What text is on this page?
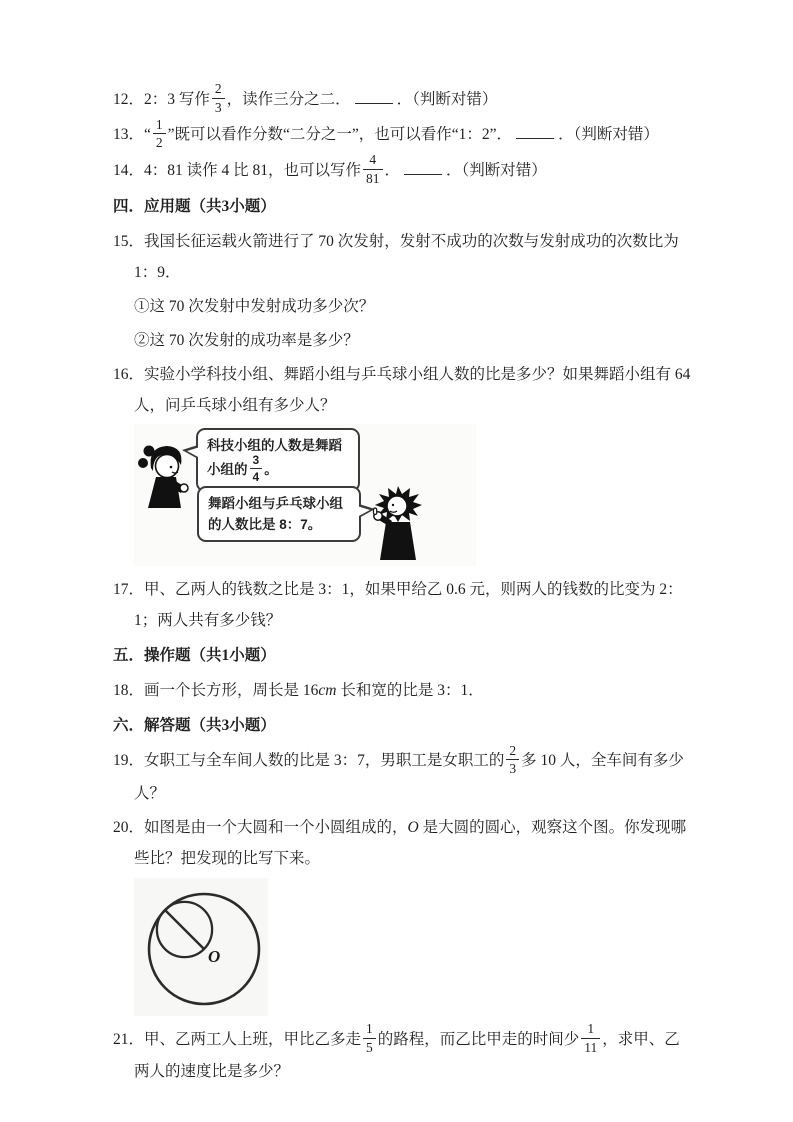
12．2：3 写作 $\frac{2}{3}$ ，读作三分之二．	．（判断对错）

13．“ $\frac{1}{2}$ ”既可以看作分数“二分之一”，也可以看作“1：2”．	．（判断对错）

14．4：81 读作 4 比 81，也可以写作 $\frac{4}{81}$ ．	．（判断对错）

四．应用题（共3小题）

15．我国长征运载火箭进行了 70 次发射，发射不成功的次数与发射成功的次数比为 1：9．

①这 70 次发射中发射成功多少次？

②这 70 次发射的成功率是多少？

16．实验小学科技小组、舞蹈小组与乒乓球小组人数的比是多少？如果舞蹈小组有 64 人，问乒乓球小组有多少人？

科技小组的人数是舞蹈小组的 $\frac{3}{4}$ 。
舞蹈小组与乒乓球小组的人数比是 8：7。

17．甲、乙两人的钱数之比是 3：1，如果甲给乙 0.6 元，则两人的钱数的比变为 2：1；两人共有多少钱？

五．操作题（共1小题）

18．画一个长方形，周长是 16cm 长和宽的比是 3：1．

六．解答题（共3小题）

19．女职工与全车间人数的比是 3：7，男职工是女职工的 $\frac{2}{3}$ 多 10 人，全车间有多少人？

20．如图是由一个大圆和一个小圆组成的，O 是大圆的圆心，观察这个图。你发现哪些比？把发现的比写下来。

O

21．甲、乙两工人上班，甲比乙多走 $\frac{1}{5}$ 的路程，而乙比甲走的时间少 $\frac{1}{11}$ ，求甲、乙两人的速度比是多少？
